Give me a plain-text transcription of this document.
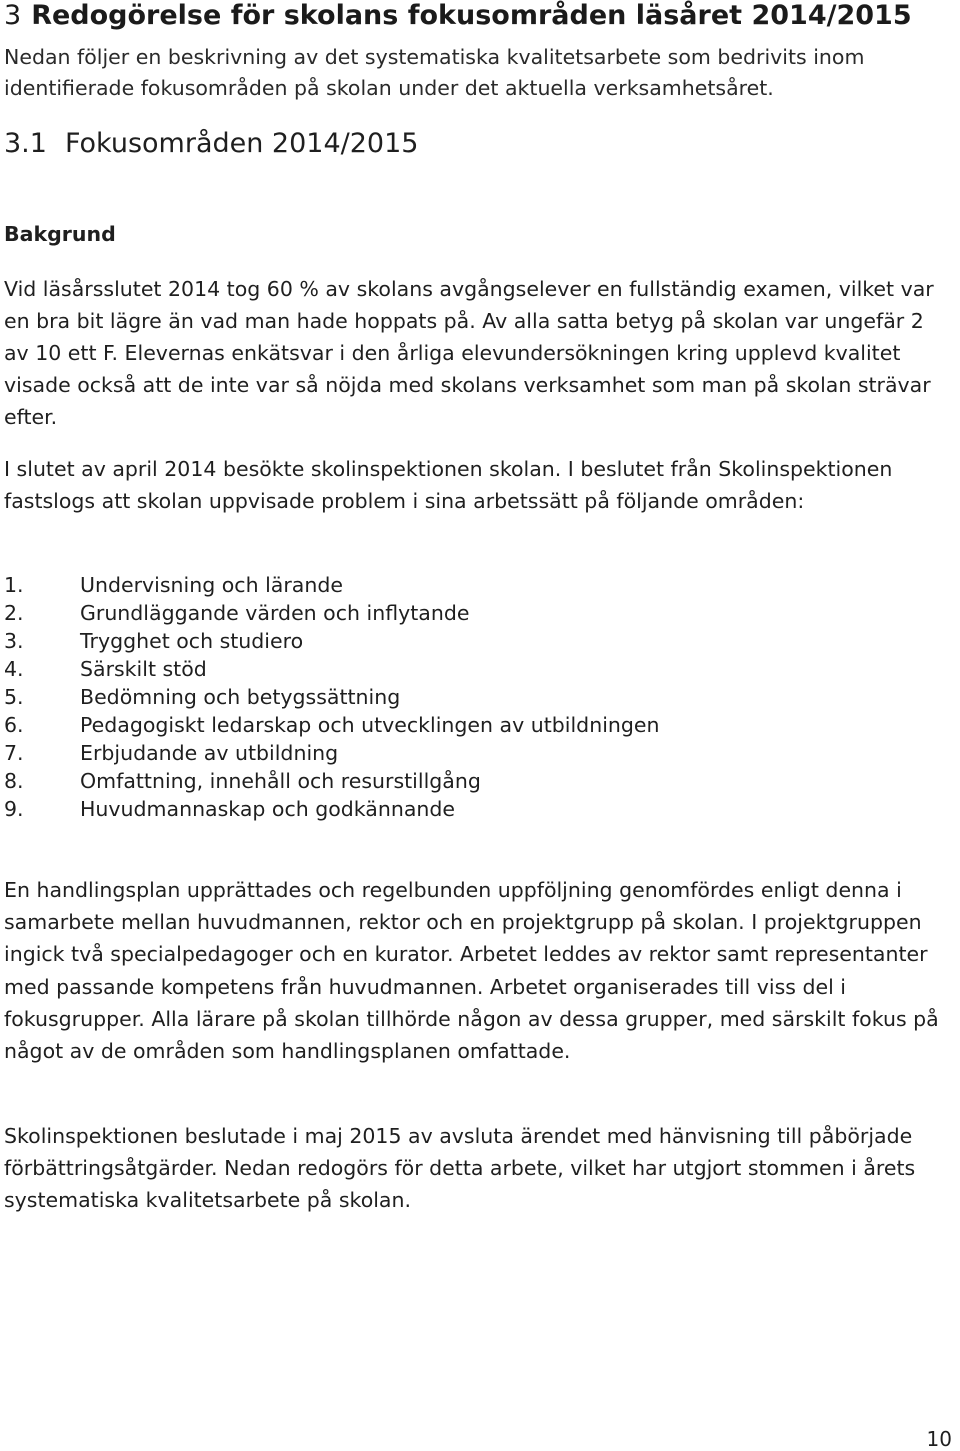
3 Redogörelse för skolans fokusområden läsåret 2014/2015

Nedan följer en beskrivning av det systematiska kvalitetsarbete som bedrivits inom identifierade fokusområden på skolan under det aktuella verksamhetsåret.

3.1 Fokusområden 2014/2015
Bakgrund

Vid läsårsslutet 2014 tog 60 % av skolans avgångselever en fullständig examen, vilket var en bra bit lägre än vad man hade hoppats på. Av alla satta betyg på skolan var ungefär 2 av 10 ett F. Elevernas enkätsvar i den årliga elevundersökningen kring upplevd kvalitet visade också att de inte var så nöjda med skolans verksamhet som man på skolan strävar efter.

I slutet av april 2014 besökte skolinspektionen skolan. I beslutet från Skolinspektionen fastslogs att skolan uppvisade problem i sina arbetssätt på följande områden:

1.	Undervisning och lärande
2.	Grundläggande värden och inflytande
3.	Trygghet och studiero
4.	Särskilt stöd
5.	Bedömning och betygssättning
6.	Pedagogiskt ledarskap och utvecklingen av utbildningen
7.	Erbjudande av utbildning
8.	Omfattning, innehåll och resurstillgång
9.	Huvudmannaskap och godkännande

En handlingsplan upprättades och regelbunden uppföljning genomfördes enligt denna i samarbete mellan huvudmannen, rektor och en projektgrupp på skolan. I projektgruppen ingick två specialpedagoger och en kurator. Arbetet leddes av rektor samt representanter med passande kompetens från huvudmannen. Arbetet organiserades till viss del i fokusgrupper. Alla lärare på skolan tillhörde någon av dessa grupper, med särskilt fokus på något av de områden som handlingsplanen omfattade.

Skolinspektionen beslutade i maj 2015 av avsluta ärendet med hänvisning till påbörjade förbättringsåtgärder. Nedan redogörs för detta arbete, vilket har utgjort stommen i årets systematiska kvalitetsarbete på skolan.

10
